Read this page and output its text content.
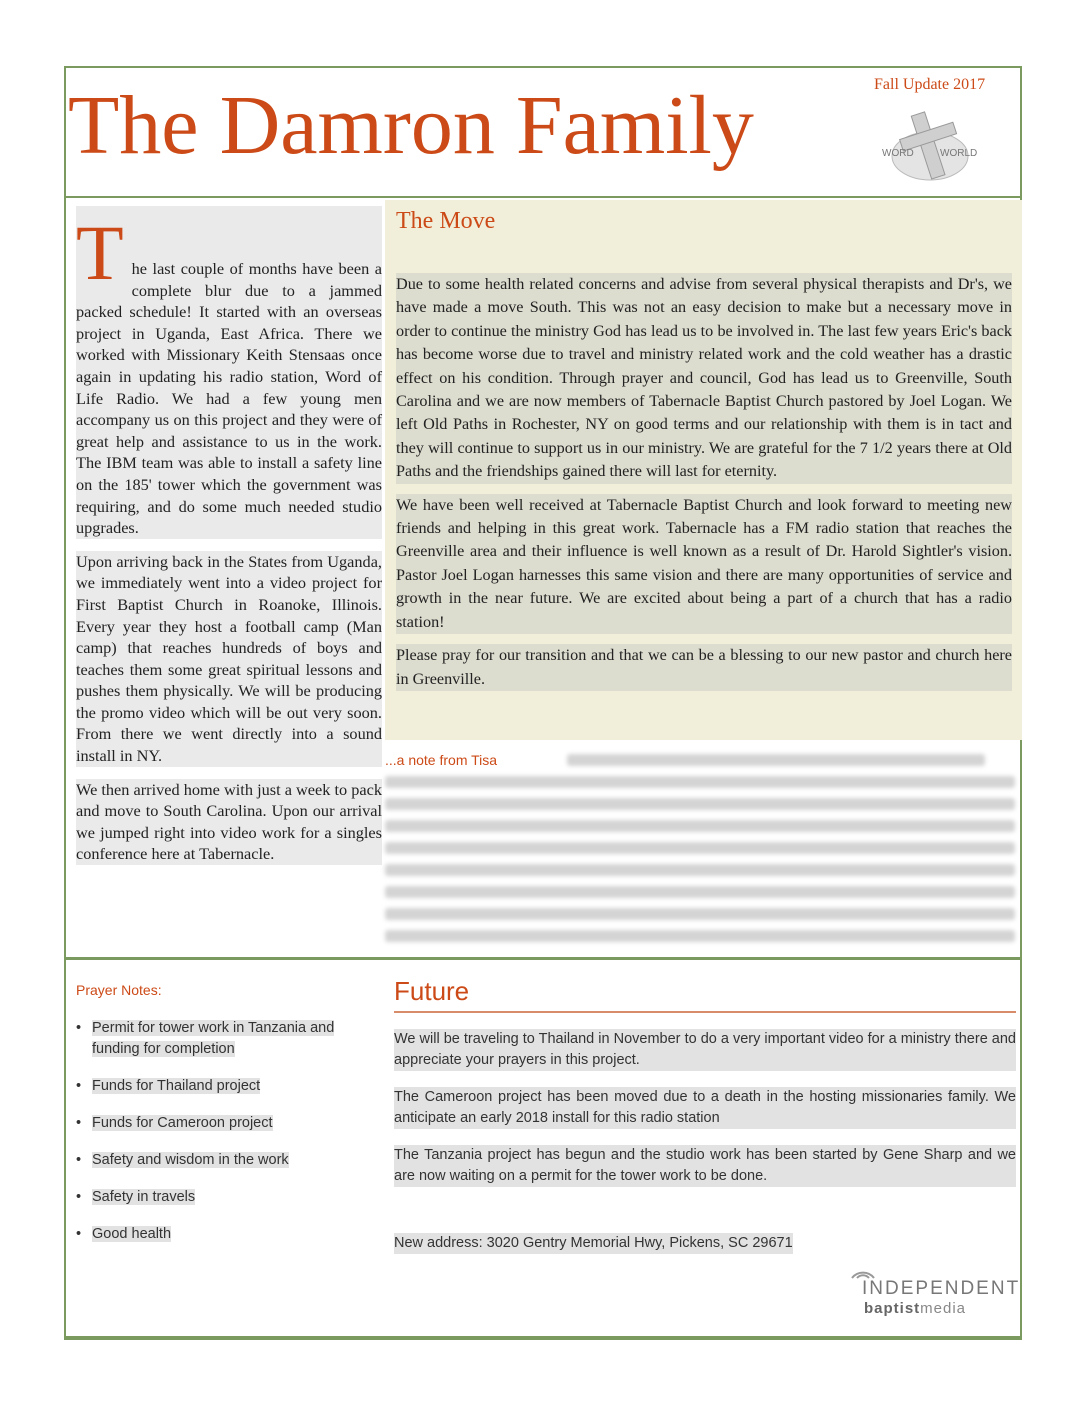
The Damron Family	Fall Update 2017
WORD	WORLD
T he last couple of months have been a complete blur due to a jammed packed schedule! It started with an overseas project in Uganda, East Africa. There we worked with Missionary Keith Stensaas once again in updating his radio station, Word of Life Radio. We had a few young men accompany us on this project and they were of great help and assistance to us in the work. The IBM team was able to install a safety line on the 185' tower which the government was requiring, and do some much needed studio upgrades.

Upon arriving back in the States from Uganda, we immediately went into a video project for First Baptist Church in Roanoke, Illinois. Every year they host a football camp (Man camp) that reaches hundreds of boys and teaches them some great spiritual lessons and pushes them physically. We will be producing the promo video which will be out very soon. From there we went directly into a sound install in NY.

We then arrived home with just a week to pack and move to South Carolina. Upon our arrival we jumped right into video work for a singles conference here at Tabernacle.

The Move

Due to some health related concerns and advise from several physical therapists and Dr's, we have made a move South. This was not an easy decision to make but a necessary move in order to continue the ministry God has lead us to be involved in. The last few years Eric's back has become worse due to travel and ministry related work and the cold weather has a drastic effect on his condition. Through prayer and council, God has lead us to Greenville, South Carolina and we are now members of Tabernacle Baptist Church pastored by Joel Logan. We left Old Paths in Rochester, NY on good terms and our relationship with them is in tact and they will continue to support us in our ministry. We are grateful for the 7 1/2 years there at Old Paths and the friendships gained there will last for eternity.

We have been well received at Tabernacle Baptist Church and look forward to meeting new friends and helping in this great work. Tabernacle has a FM radio station that reaches the Greenville area and their influence is well known as a result of Dr. Harold Sightler's vision. Pastor Joel Logan harnesses this same vision and there are many opportunities of service and growth in the near future. We are excited about being a part of a church that has a radio station!

Please pray for our transition and that we can be a blessing to our new pastor and church here in Greenville.

...a note from Tisa
Prayer Notes:
• Permit for tower work in Tanzania and funding for completion
• Funds for Thailand project
• Funds for Cameroon project
• Safety and wisdom in the work
• Safety in travels
• Good health
Future

We will be traveling to Thailand in November to do a very important video for a ministry there and appreciate your prayers in this project.

The Cameroon project has been moved due to a death in the hosting missionaries family. We anticipate an early 2018 install for this radio station

The Tanzania project has begun and the studio work has been started by Gene Sharp and we are now waiting on a permit for the tower work to be done.

New address: 3020 Gentry Memorial Hwy, Pickens, SC 29671

INDEPENDENT
baptistmedia
